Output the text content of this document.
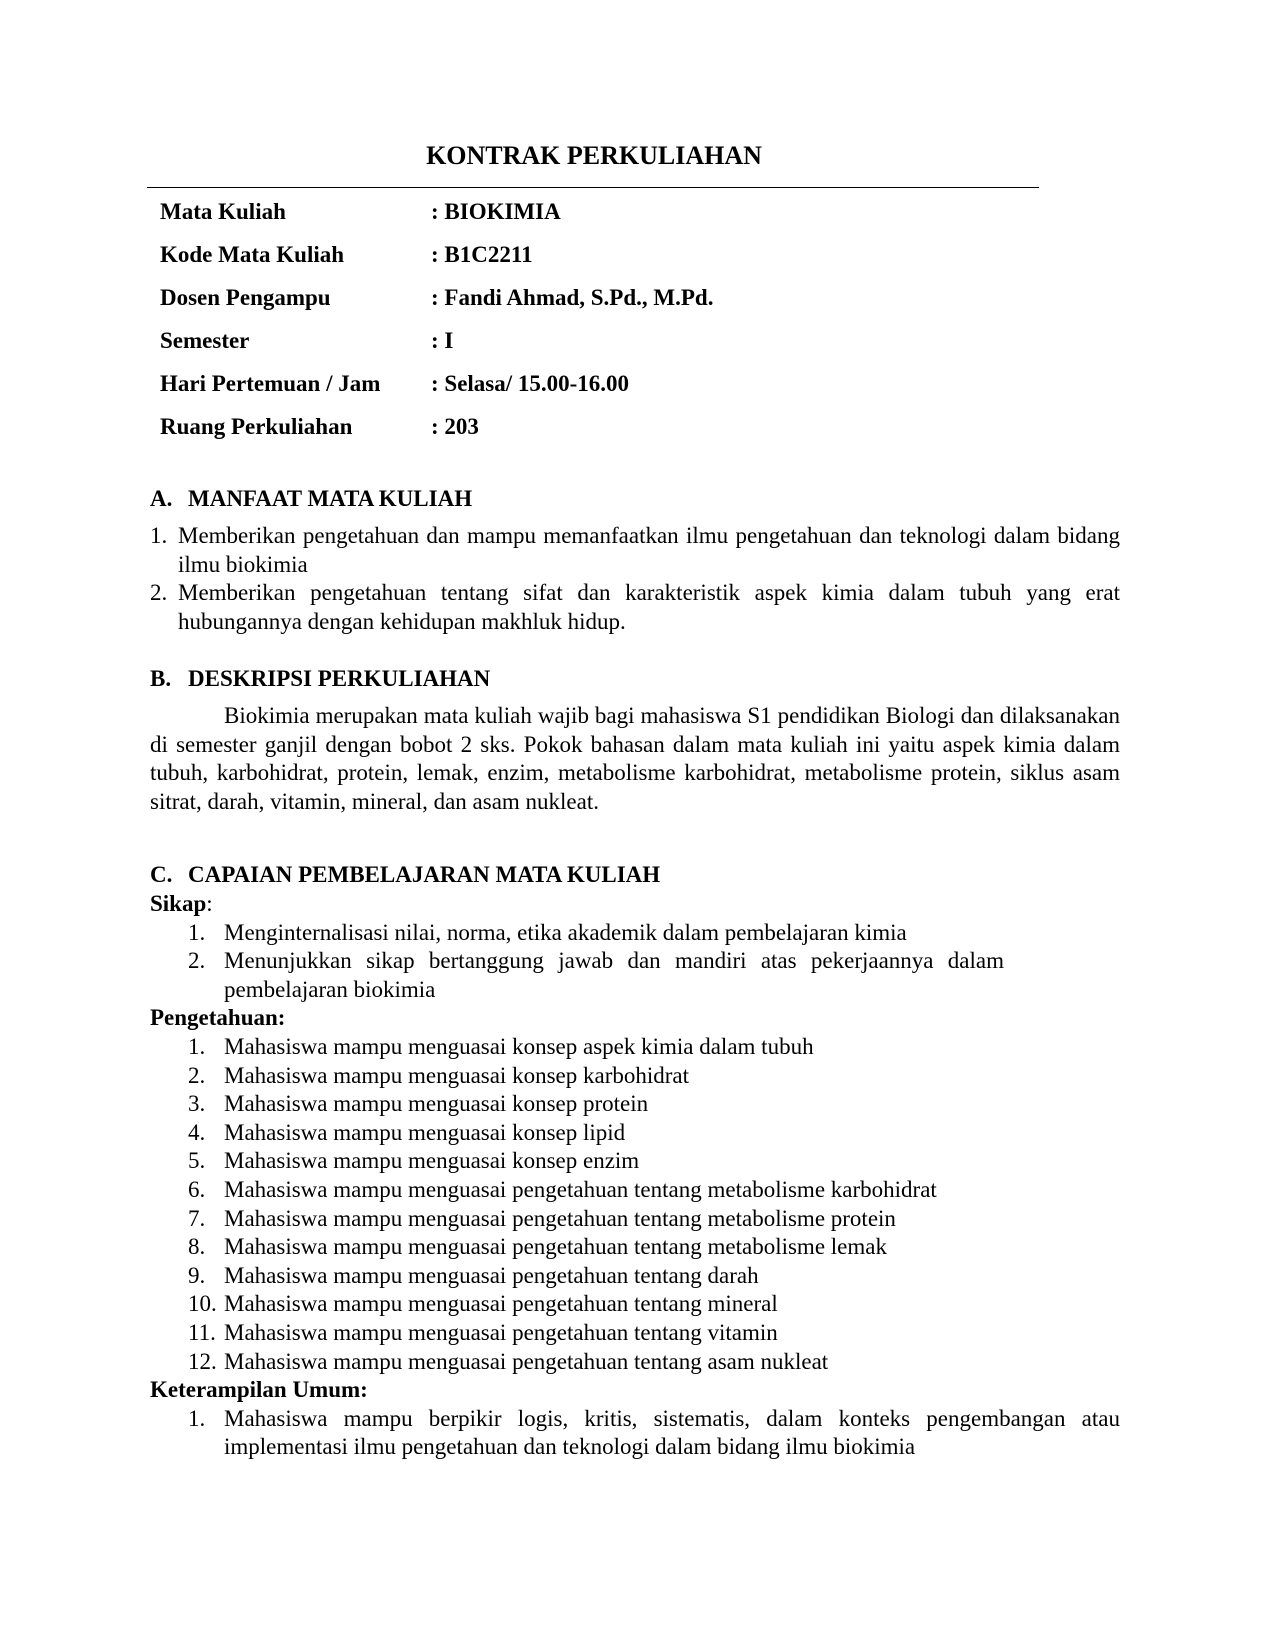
KONTRAK PERKULIAHAN
Mata Kuliah	: BIOKIMIA
Kode Mata Kuliah	: B1C2211
Dosen Pengampu	: Fandi Ahmad, S.Pd., M.Pd.
Semester	: I
Hari Pertemuan / Jam	: Selasa/ 15.00-16.00
Ruang Perkuliahan	: 203
A. MANFAAT MATA KULIAH
1. Memberikan pengetahuan dan mampu memanfaatkan ilmu pengetahuan dan teknologi dalam bidang ilmu biokimia
2. Memberikan pengetahuan tentang sifat dan karakteristik aspek kimia dalam tubuh yang erat hubungannya dengan kehidupan makhluk hidup.
B. DESKRIPSI PERKULIAHAN
Biokimia merupakan mata kuliah wajib bagi mahasiswa S1 pendidikan Biologi dan dilaksanakan di semester ganjil dengan bobot 2 sks. Pokok bahasan dalam mata kuliah ini yaitu aspek kimia dalam tubuh, karbohidrat, protein, lemak, enzim, metabolisme karbohidrat, metabolisme protein, siklus asam sitrat, darah, vitamin, mineral, dan asam nukleat.
C. CAPAIAN PEMBELAJARAN MATA KULIAH
Sikap:
1. Menginternalisasi nilai, norma, etika akademik dalam pembelajaran kimia
2. Menunjukkan sikap bertanggung jawab dan mandiri atas pekerjaannya dalam pembelajaran biokimia
Pengetahuan:
1. Mahasiswa mampu menguasai konsep aspek kimia dalam tubuh
2. Mahasiswa mampu menguasai konsep karbohidrat
3. Mahasiswa mampu menguasai konsep protein
4. Mahasiswa mampu menguasai konsep lipid
5. Mahasiswa mampu menguasai konsep enzim
6. Mahasiswa mampu menguasai pengetahuan tentang metabolisme karbohidrat
7. Mahasiswa mampu menguasai pengetahuan tentang metabolisme protein
8. Mahasiswa mampu menguasai pengetahuan tentang metabolisme lemak
9. Mahasiswa mampu menguasai pengetahuan tentang darah
10. Mahasiswa mampu menguasai pengetahuan tentang mineral
11. Mahasiswa mampu menguasai pengetahuan tentang vitamin
12. Mahasiswa mampu menguasai pengetahuan tentang asam nukleat
Keterampilan Umum:
1. Mahasiswa mampu berpikir logis, kritis, sistematis, dalam konteks pengembangan atau implementasi ilmu pengetahuan dan teknologi dalam bidang ilmu biokimia
